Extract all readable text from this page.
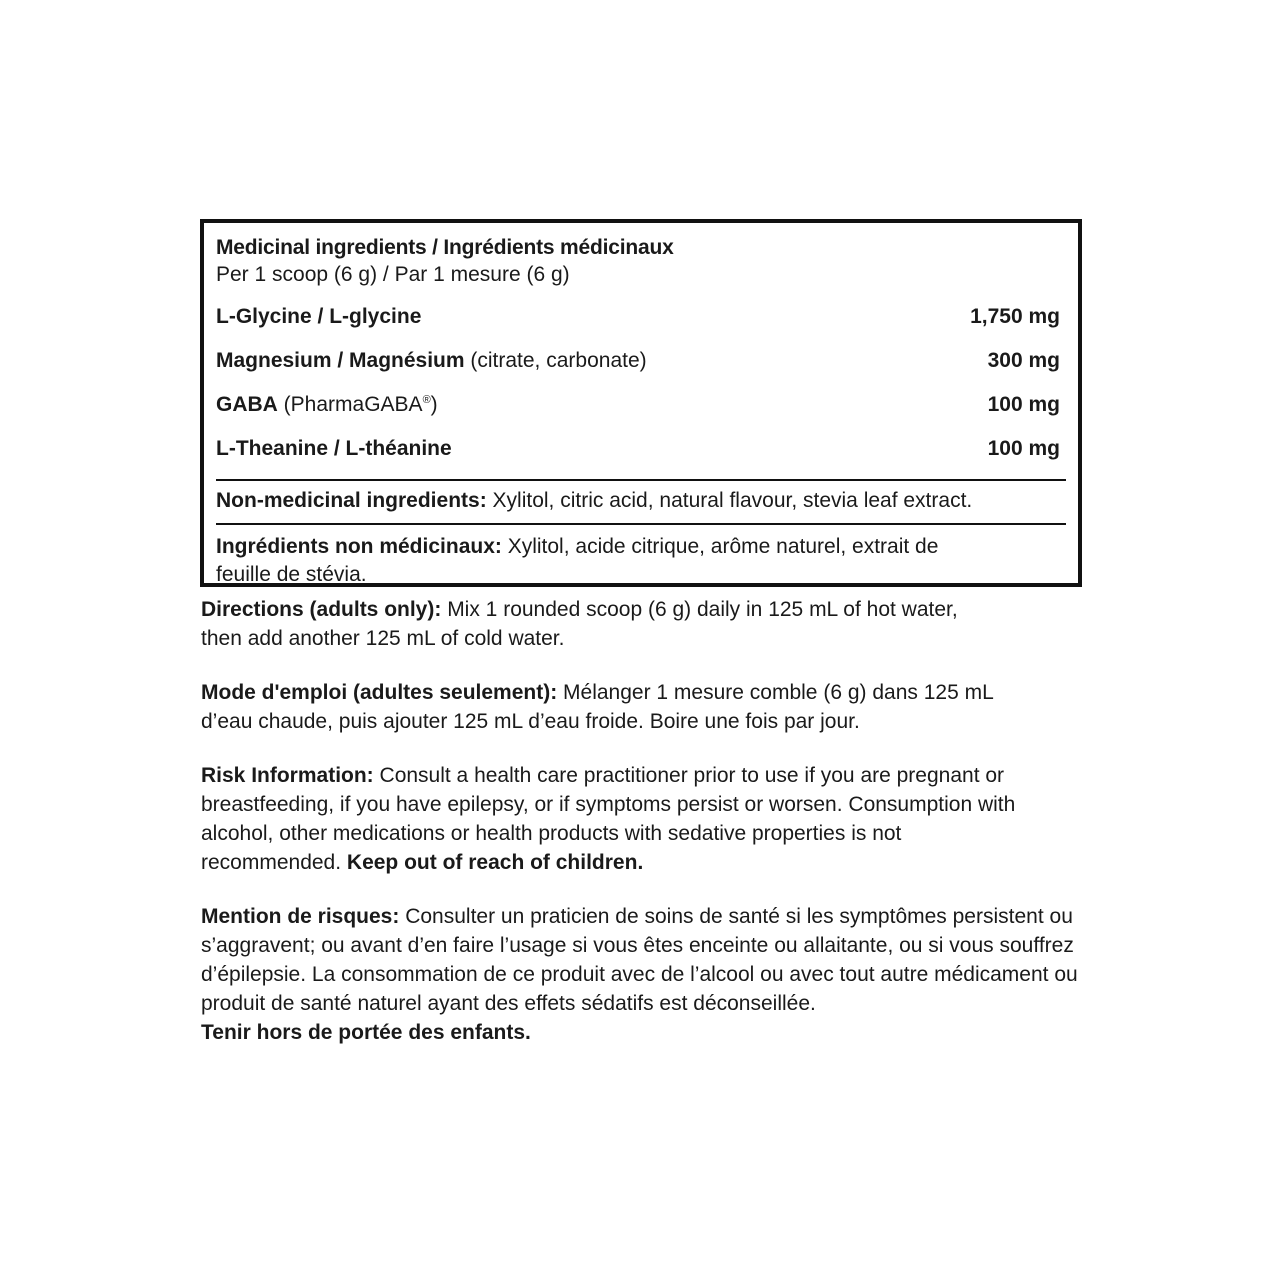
Medicinal ingredients / Ingrédients médicinaux
Per 1 scoop (6 g) / Par 1 mesure (6 g)
L-Glycine / L-glycine	1,750 mg
Magnesium / Magnésium (citrate, carbonate)	300 mg
GABA (PharmaGABA®)	100 mg
L-Theanine / L-théanine	100 mg
Non-medicinal ingredients: Xylitol, citric acid, natural flavour, stevia leaf extract.
Ingrédients non médicinaux: Xylitol, acide citrique, arôme naturel, extrait de feuille de stévia.
Directions (adults only): Mix 1 rounded scoop (6 g) daily in 125 mL of hot water, then add another 125 mL of cold water.
Mode d'emploi (adultes seulement): Mélanger 1 mesure comble (6 g) dans 125 mL d’eau chaude, puis ajouter 125 mL d’eau froide. Boire une fois par jour.
Risk Information: Consult a health care practitioner prior to use if you are pregnant or breastfeeding, if you have epilepsy, or if symptoms persist or worsen. Consumption with alcohol, other medications or health products with sedative properties is not recommended. Keep out of reach of children.
Mention de risques: Consulter un praticien de soins de santé si les symptômes persistent ou s’aggravent; ou avant d’en faire l’usage si vous êtes enceinte ou allaitante, ou si vous souffrez d’épilepsie. La consommation de ce produit avec de l’alcool ou avec tout autre médicament ou produit de santé naturel ayant des effets sédatifs est déconseillée.
Tenir hors de portée des enfants.
